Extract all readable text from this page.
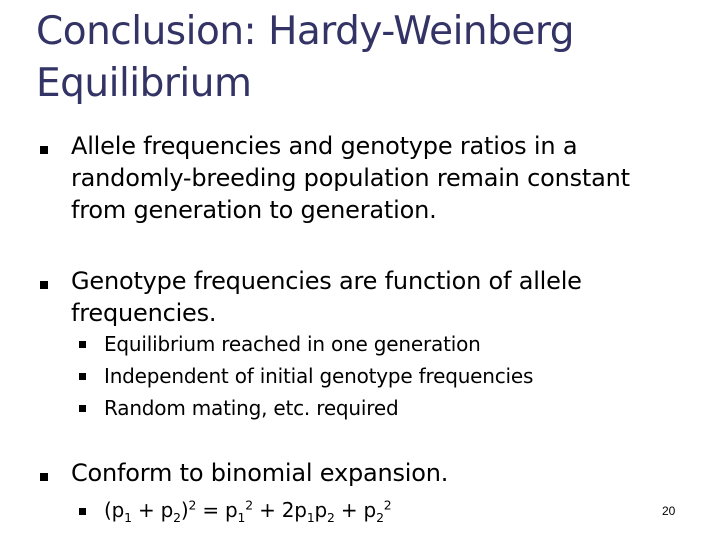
Conclusion: Hardy-Weinberg
Equilibrium
Allele frequencies and genotype ratios in a
randomly-breeding population remain constant
from generation to generation.
Genotype frequencies are function of allele
frequencies.
Equilibrium reached in one generation
Independent of initial genotype frequencies
Random mating, etc. required
Conform to binomial expansion.
$(p_1 + p_2)^2 = p_1^2 + 2p_1p_2 + p_2^2$	20
